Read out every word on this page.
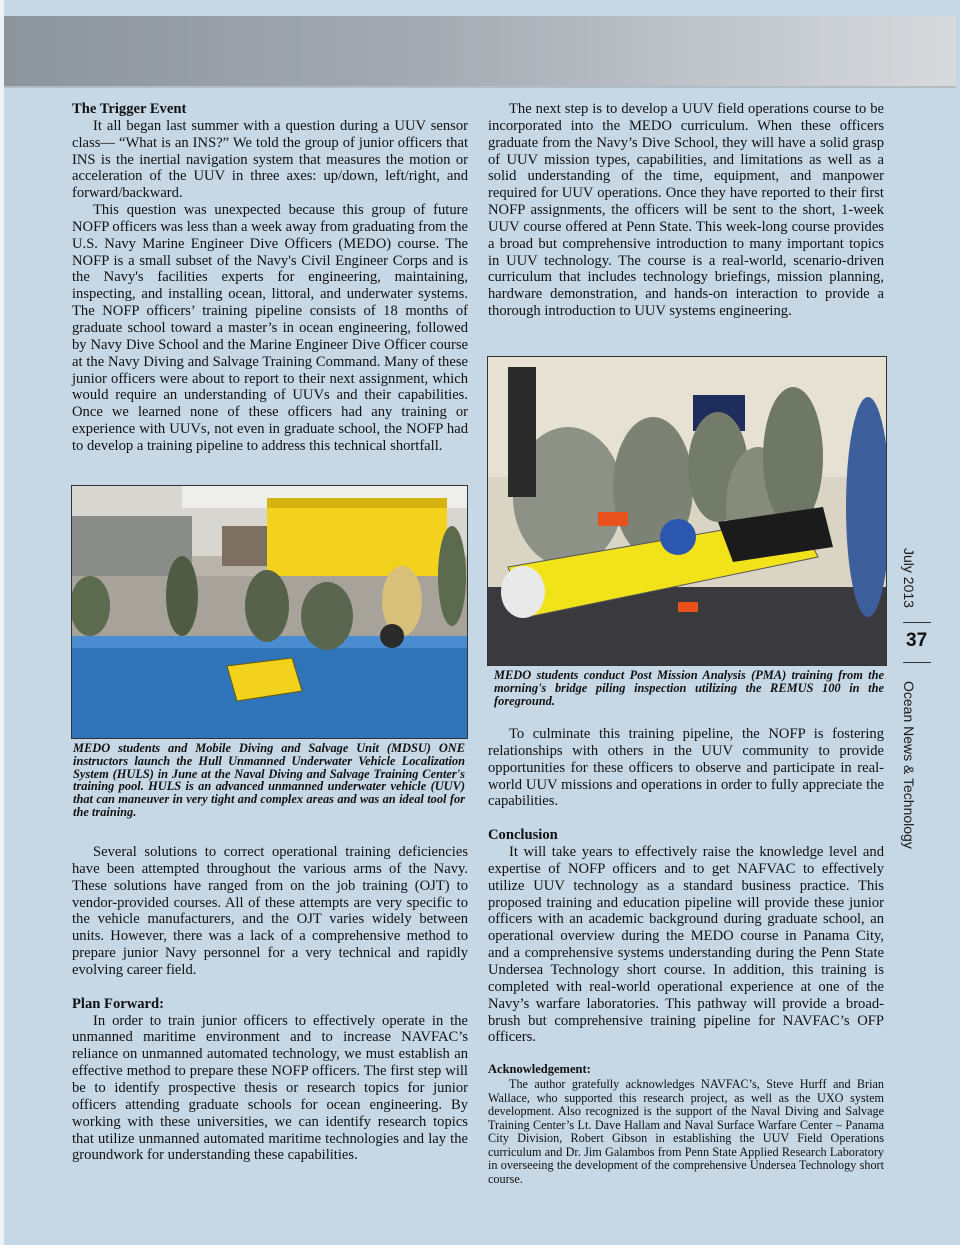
The Trigger Event

It all began last summer with a question during a UUV sensor class— “What is an INS?” We told the group of junior officers that INS is the inertial navigation system that measures the motion or acceleration of the UUV in three axes: up/down, left/right, and forward/backward.

This question was unexpected because this group of future NOFP officers was less than a week away from graduating from the U.S. Navy Marine Engineer Dive Officers (MEDO) course. The NOFP is a small subset of the Navy's Civil Engineer Corps and is the Navy's facilities experts for engineering, maintaining, inspecting, and installing ocean, littoral, and underwater systems. The NOFP officers’ training pipeline consists of 18 months of graduate school toward a master’s in ocean engineering, followed by Navy Dive School and the Marine Engineer Dive Officer course at the Navy Diving and Salvage Training Command. Many of these junior officers were about to report to their next assignment, which would require an understanding of UUVs and their capabilities. Once we learned none of these officers had any training or experience with UUVs, not even in graduate school, the NOFP had to develop a training pipeline to address this technical shortfall.

MEDO students and Mobile Diving and Salvage Unit (MDSU) ONE instructors launch the Hull Unmanned Underwater Vehicle Localization System (HULS) in June at the Naval Diving and Salvage Training Center's training pool. HULS is an advanced unmanned underwater vehicle (UUV) that can maneuver in very tight and complex areas and was an ideal tool for the training.

Several solutions to correct operational training deficiencies have been attempted throughout the various arms of the Navy. These solutions have ranged from on the job training (OJT) to vendor-provided courses. All of these attempts are very specific to the vehicle manufacturers, and the OJT varies widely between units. However, there was a lack of a comprehensive method to prepare junior Navy personnel for a very technical and rapidly evolving career field.

Plan Forward:

In order to train junior officers to effectively operate in the unmanned maritime environment and to increase NAVFAC’s reliance on unmanned automated technology, we must establish an effective method to prepare these NOFP officers. The first step will be to identify prospective thesis or research topics for junior officers attending graduate schools for ocean engineering. By working with these universities, we can identify research topics that utilize unmanned automated maritime technologies and lay the groundwork for understanding these capabilities.

The next step is to develop a UUV field operations course to be incorporated into the MEDO curriculum. When these officers graduate from the Navy’s Dive School, they will have a solid grasp of UUV mission types, capabilities, and limitations as well as a solid understanding of the time, equipment, and manpower required for UUV operations. Once they have reported to their first NOFP assignments, the officers will be sent to the short, 1-week UUV course offered at Penn State. This week-long course provides a broad but comprehensive introduction to many important topics in UUV technology. The course is a real-world, scenario-driven curriculum that includes technology briefings, mission planning, hardware demonstration, and hands-on interaction to provide a thorough introduction to UUV systems engineering.

MEDO students conduct Post Mission Analysis (PMA) training from the morning's bridge piling inspection utilizing the REMUS 100 in the foreground.

To culminate this training pipeline, the NOFP is fostering relationships with others in the UUV community to provide opportunities for these officers to observe and participate in real-world UUV missions and operations in order to fully appreciate the capabilities.

Conclusion

It will take years to effectively raise the knowledge level and expertise of NOFP officers and to get NAFVAC to effectively utilize UUV technology as a standard business practice. This proposed training and education pipeline will provide these junior officers with an academic background during graduate school, an operational overview during the MEDO course in Panama City, and a comprehensive systems understanding during the Penn State Undersea Technology short course. In addition, this training is completed with real-world operational experience at one of the Navy’s warfare laboratories. This pathway will provide a broad-brush but comprehensive training pipeline for NAVFAC’s OFP officers.

Acknowledgement:

The author gratefully acknowledges NAVFAC’s, Steve Hurff and Brian Wallace, who supported this research project, as well as the UXO system development. Also recognized is the support of the Naval Diving and Salvage Training Center’s Lt. Dave Hallam and Naval Surface Warfare Center – Panama City Division, Robert Gibson in establishing the UUV Field Operations curriculum and Dr. Jim Galambos from Penn State Applied Research Laboratory in overseeing the development of the comprehensive Undersea Technology short course.

July 2013
37
Ocean News & Technology
